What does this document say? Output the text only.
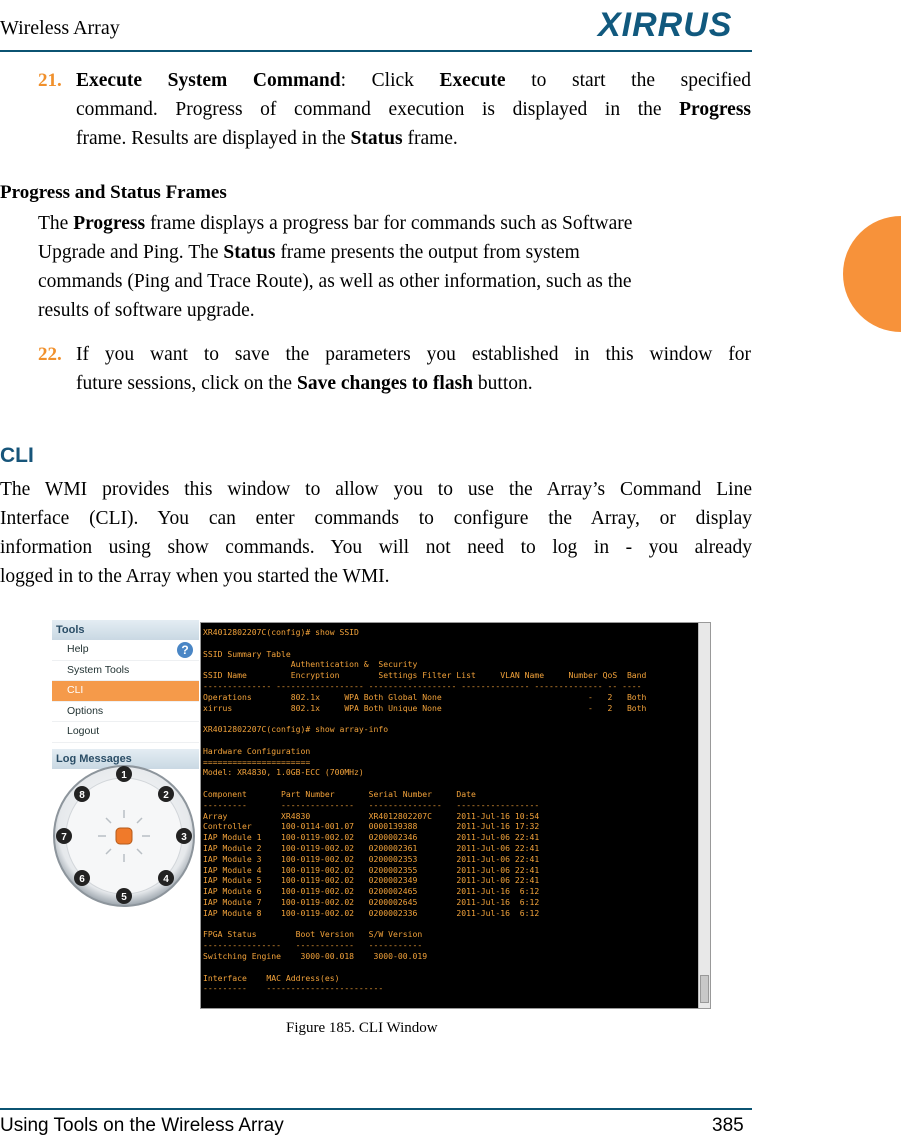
Wireless Array	XIRRUS
21. Execute System Command: Click Execute to start the specified
command. Progress of command execution is displayed in the Progress
frame. Results are displayed in the Status frame.
Progress and Status Frames
The Progress frame displays a progress bar for commands such as Software
Upgrade and Ping. The Status frame presents the output from system
commands (Ping and Trace Route), as well as other information, such as the
results of software upgrade.
22. If you want to save the parameters you established in this window for
future sessions, click on the Save changes to flash button.
CLI
The WMI provides this window to allow you to use the Array’s Command Line
Interface (CLI). You can enter commands to configure the Array, or display
information using show commands. You will not need to log in - you already
logged in to the Array when you started the WMI.
Tools
Help	?
System Tools
CLI
Options
Logout
Log Messages
1
2
3
4
5
6
7
8
XR4012802207C(config)# show SSID
SSID Summary Table
Authentication &  Security
SSID Name         Encryption        Settings Filter List     VLAN Name     Number QoS  Band
-------------- ------------------ ------------------ -------------- -------------- -- ----
Operations        802.1x     WPA Both Global None                              -   2   Both
xirrus            802.1x     WPA Both Unique None                              -   2   Both
XR4012802207C(config)# show array-info
Hardware Configuration
======================
Model: XR4830, 1.0GB-ECC (700MHz)
Component       Part Number       Serial Number     Date
---------       ---------------   ---------------   -----------------
Array           XR4830            XR4012802207C     2011-Jul-16 10:54
Controller      100-0114-001.07   0000139388        2011-Jul-16 17:32
IAP Module 1    100-0119-002.02   0200002346        2011-Jul-06 22:41
IAP Module 2    100-0119-002.02   0200002361        2011-Jul-06 22:41
IAP Module 3    100-0119-002.02   0200002353        2011-Jul-06 22:41
IAP Module 4    100-0119-002.02   0200002355        2011-Jul-06 22:41
IAP Module 5    100-0119-002.02   0200002349        2011-Jul-06 22:41
IAP Module 6    100-0119-002.02   0200002465        2011-Jul-16  6:12
IAP Module 7    100-0119-002.02   0200002645        2011-Jul-16  6:12
IAP Module 8    100-0119-002.02   0200002336        2011-Jul-16  6:12
FPGA Status        Boot Version   S/W Version
----------------   ------------   -----------
Switching Engine    3000-00.018    3000-00.019
Interface    MAC Address(es)
---------    ------------------------
Figure 185. CLI Window
Using Tools on the Wireless Array	385
